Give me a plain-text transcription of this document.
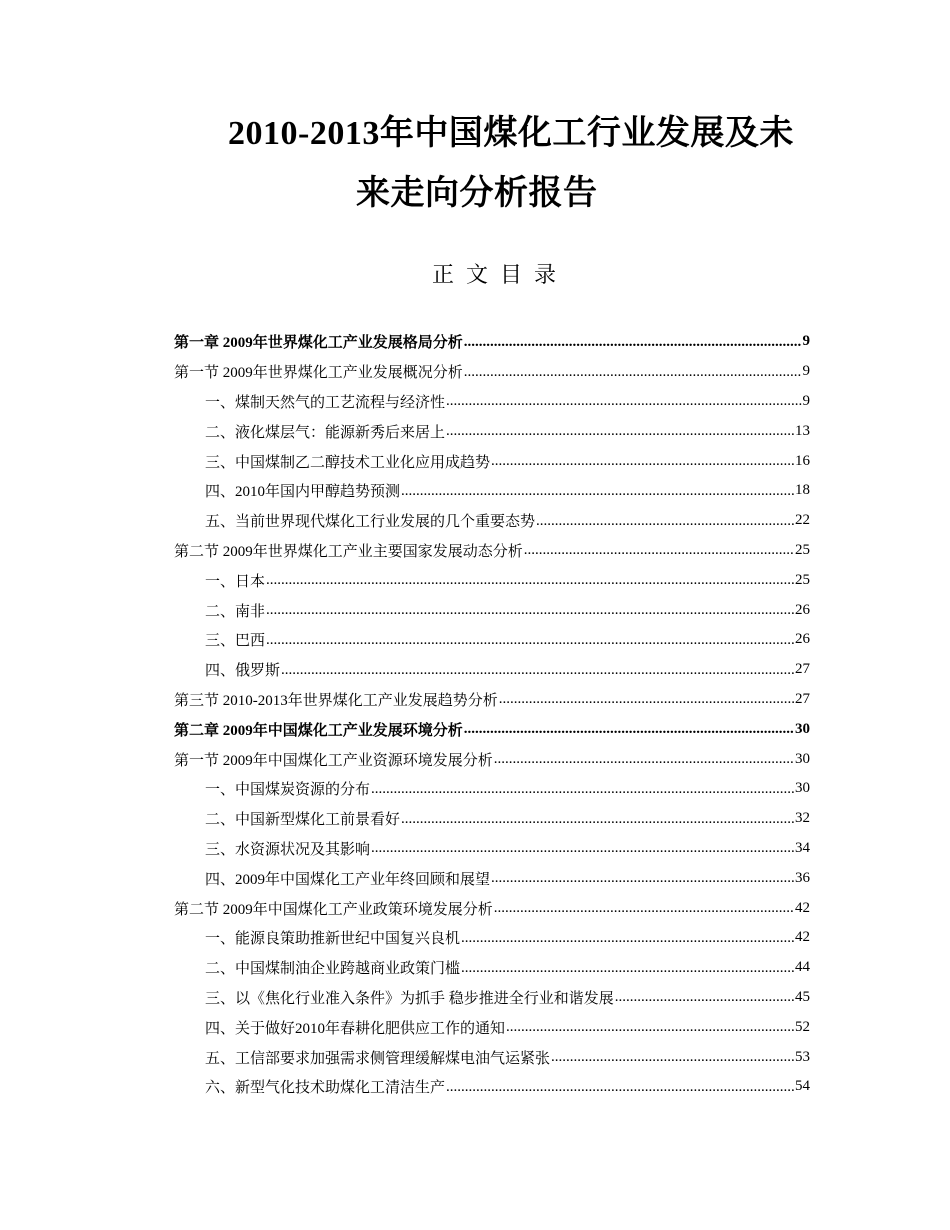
2010-2013年中国煤化工行业发展及未
来走向分析报告
正文目录
第一章 2009年世界煤化工产业发展格局分析 .....	9
第一节 2009年世界煤化工产业发展概况分析 .....	9
一、煤制天然气的工艺流程与经济性 .....	9
二、液化煤层气：能源新秀后来居上 .....	13
三、中国煤制乙二醇技术工业化应用成趋势 .....	16
四、2010年国内甲醇趋势预测 .....	18
五、当前世界现代煤化工行业发展的几个重要态势 .....	22
第二节 2009年世界煤化工产业主要国家发展动态分析 .....	25
一、日本 .....	25
二、南非 .....	26
三、巴西 .....	26
四、俄罗斯 .....	27
第三节 2010-2013年世界煤化工产业发展趋势分析 .....	27
第二章 2009年中国煤化工产业发展环境分析 .....	30
第一节 2009年中国煤化工产业资源环境发展分析 .....	30
一、中国煤炭资源的分布 .....	30
二、中国新型煤化工前景看好 .....	32
三、水资源状况及其影响 .....	34
四、2009年中国煤化工产业年终回顾和展望 .....	36
第二节 2009年中国煤化工产业政策环境发展分析 .....	42
一、能源良策助推新世纪中国复兴良机 .....	42
二、中国煤制油企业跨越商业政策门槛 .....	44
三、以《焦化行业准入条件》为抓手 稳步推进全行业和谐发展 .....	45
四、关于做好2010年春耕化肥供应工作的通知 .....	52
五、工信部要求加强需求侧管理缓解煤电油气运紧张 .....	53
六、新型气化技术助煤化工清洁生产 .....	54
